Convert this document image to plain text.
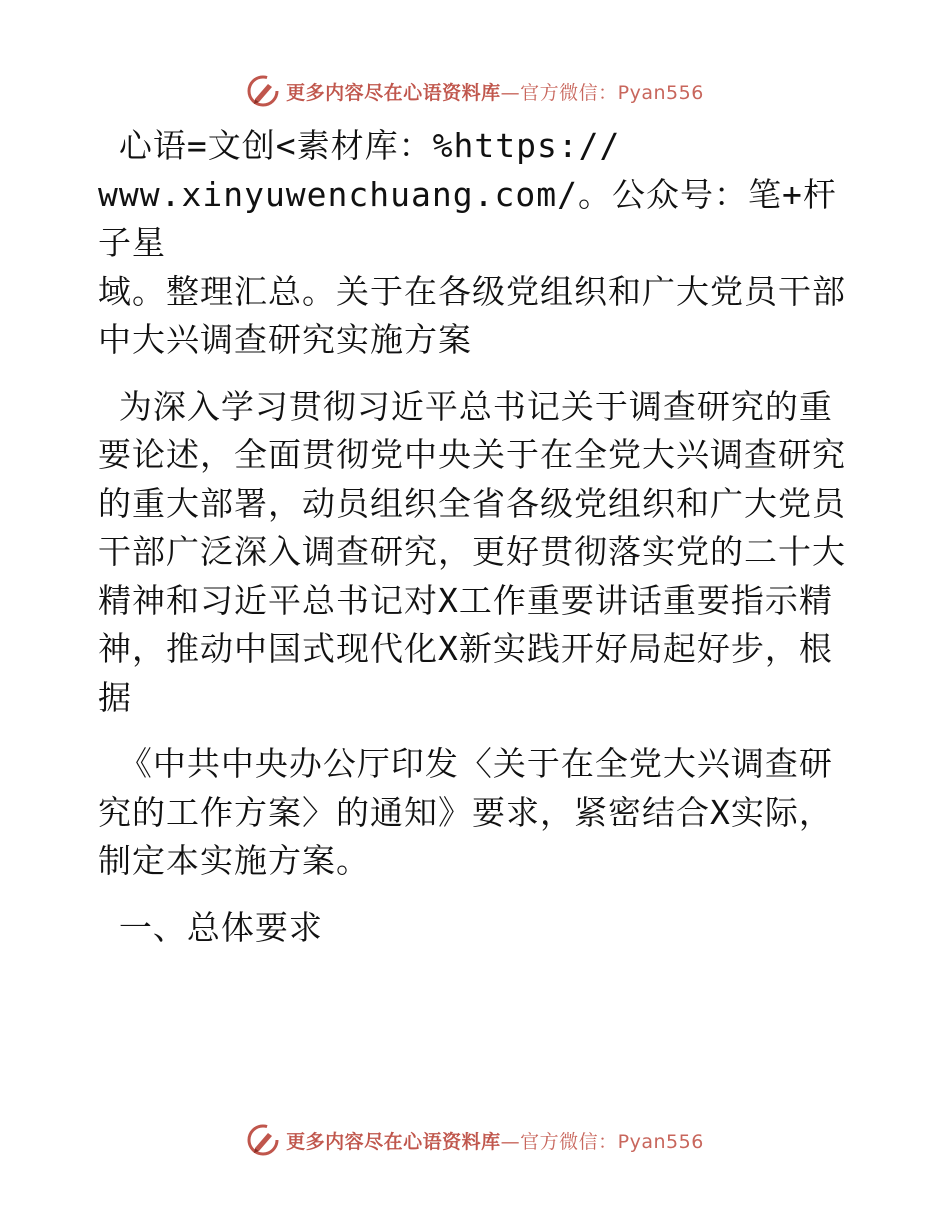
更多内容尽在心语资料库—官方微信：Pyan556
心语=文创<素材库：%https://
www.xinyuwenchuang.com/。公众号：笔+杆子星
域。整理汇总。关于在各级党组织和广大党员干部
中大兴调查研究实施方案
为深入学习贯彻习近平总书记关于调查研究的重
要论述，全面贯彻党中央关于在全党大兴调查研究
的重大部署，动员组织全省各级党组织和广大党员
干部广泛深入调查研究，更好贯彻落实党的二十大
精神和习近平总书记对X工作重要讲话重要指示精
神，推动中国式现代化X新实践开好局起好步，根
据
《中共中央办公厅印发〈关于在全党大兴调查研
究的工作方案〉的通知》要求，紧密结合X实际，
制定本实施方案。
一、总体要求
更多内容尽在心语资料库—官方微信：Pyan556
